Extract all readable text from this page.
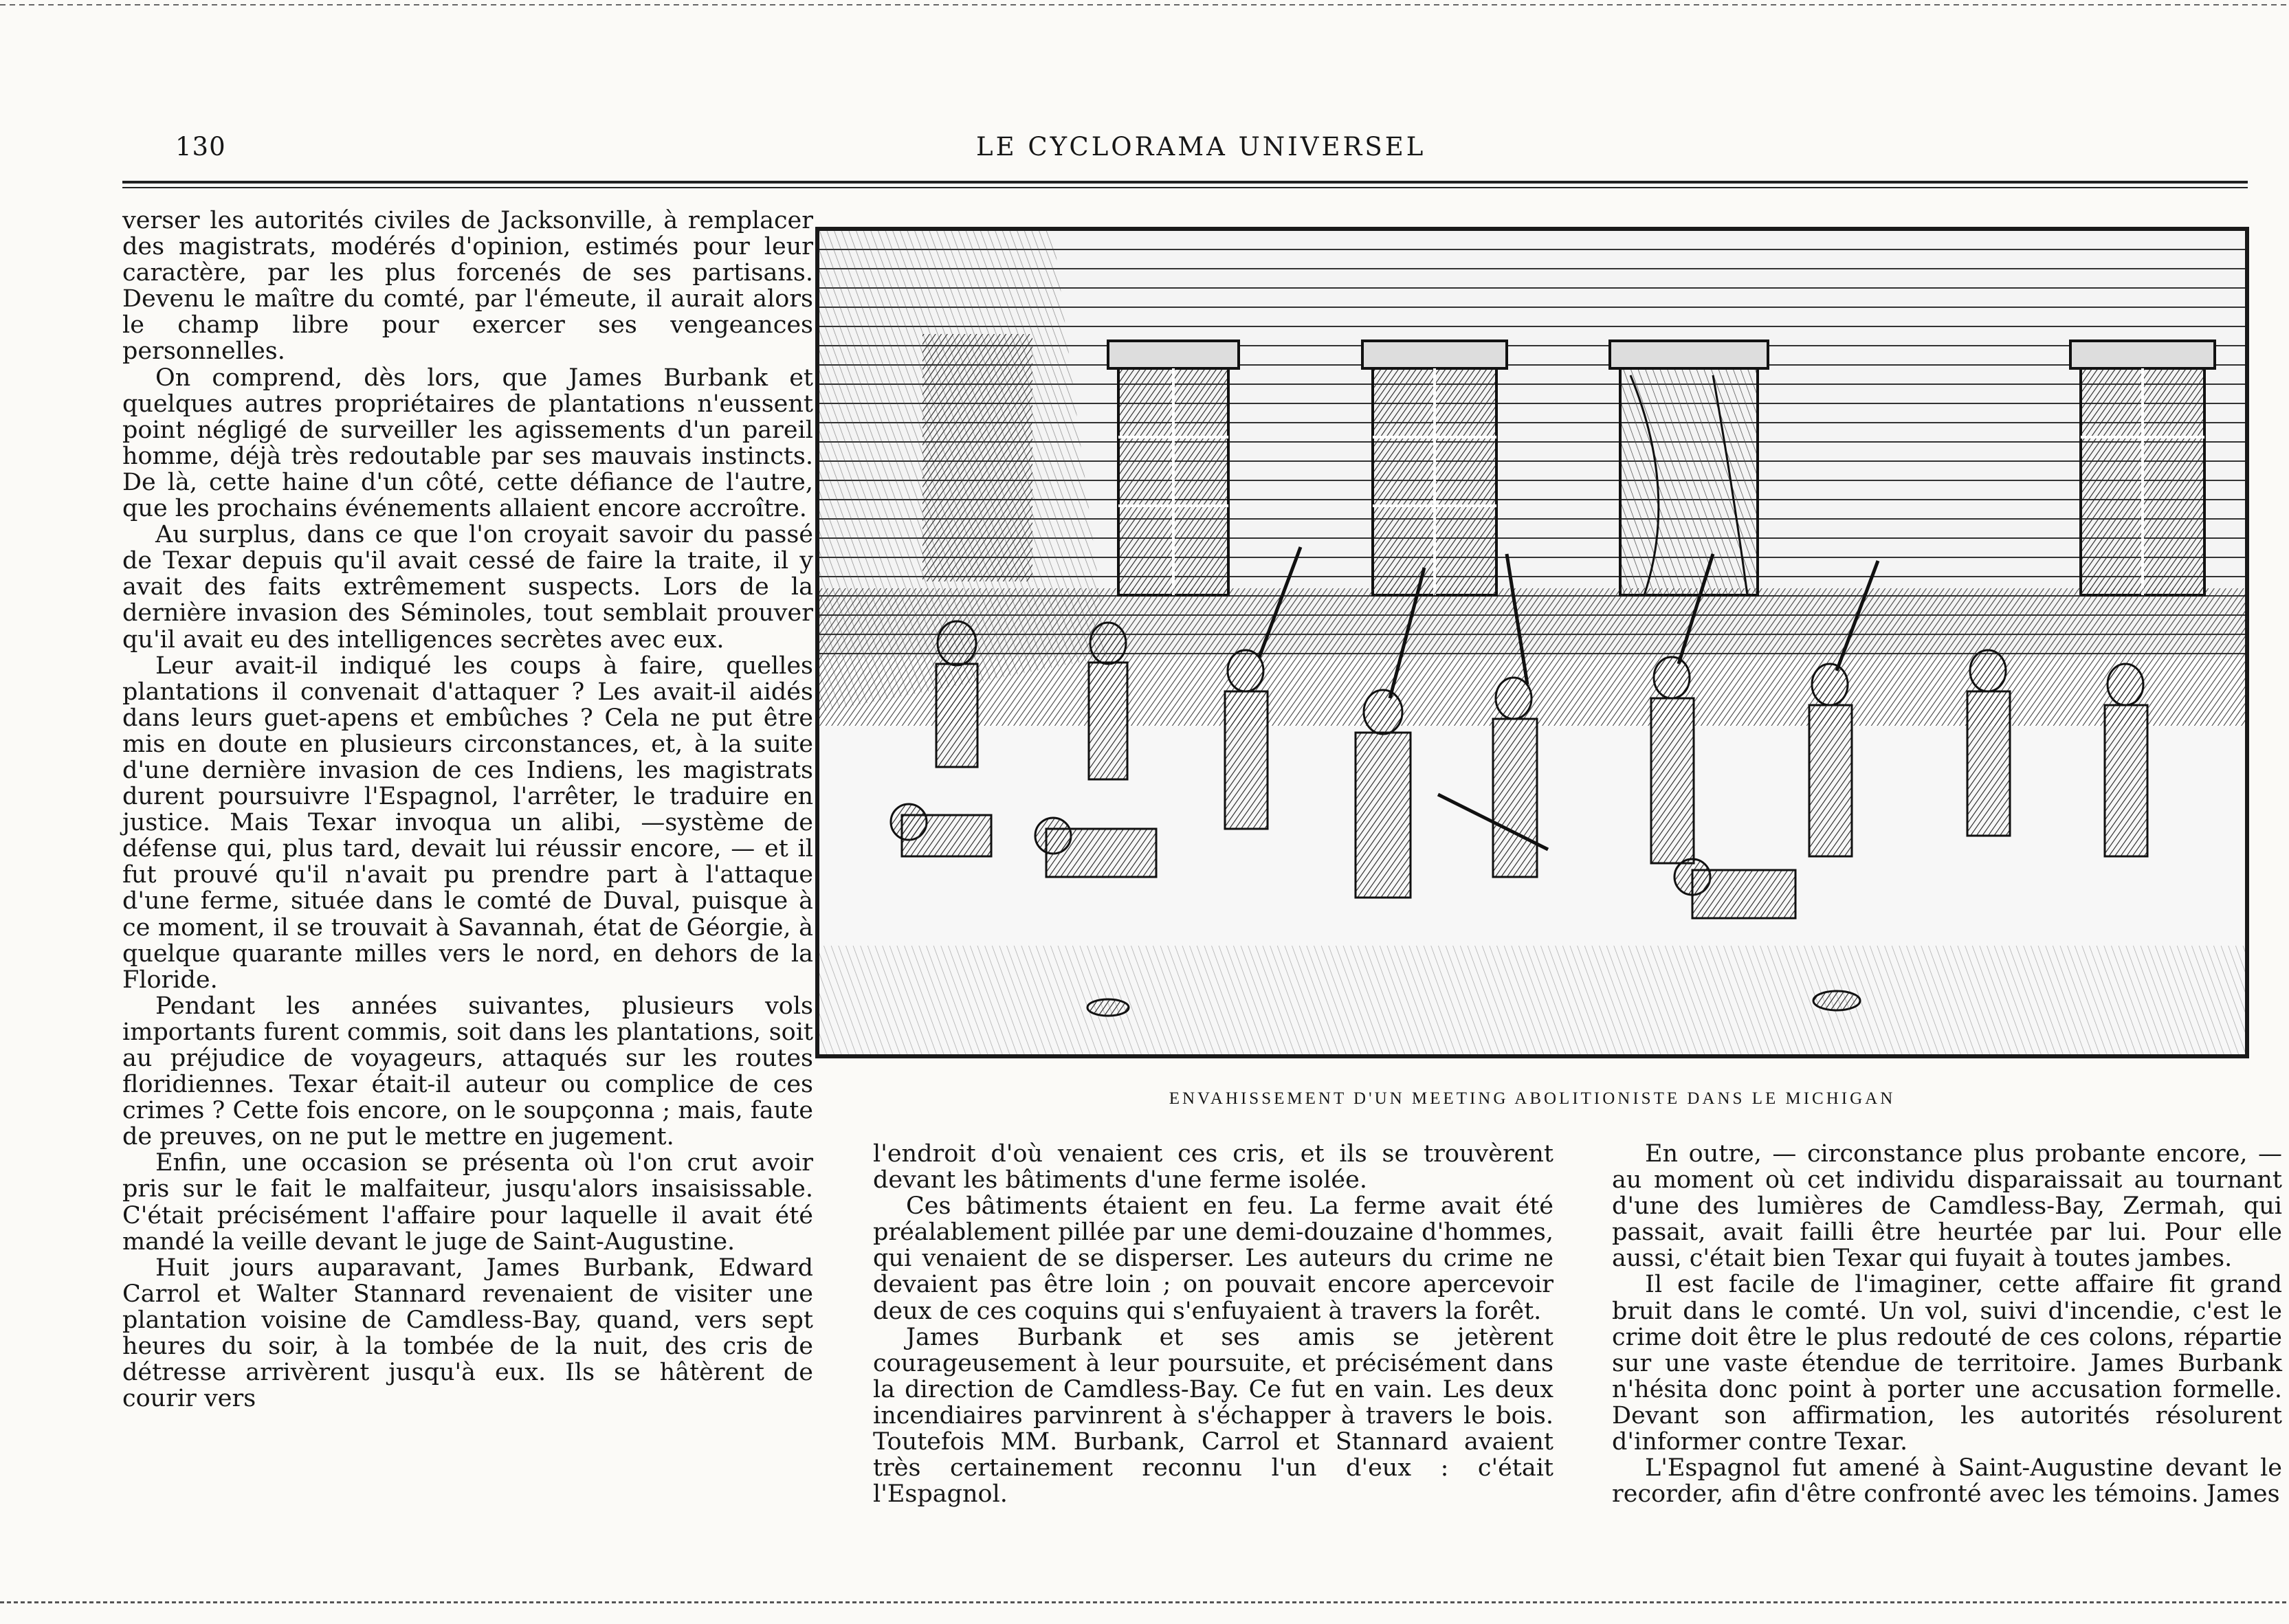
130	LE CYCLORAMA UNIVERSEL

verser les autorités civiles de Jacksonville, à remplacer des magistrats, modérés d'opinion, estimés pour leur caractère, par les plus forcenés de ses partisans. Devenu le maître du comté, par l'émeute, il aurait alors le champ libre pour exercer ses vengeances personnelles.

On comprend, dès lors, que James Burbank et quelques autres propriétaires de plantations n'eussent point négligé de surveiller les agissements d'un pareil homme, déjà très redoutable par ses mauvais instincts. De là, cette haine d'un côté, cette défiance de l'autre, que les prochains événements allaient encore accroître.

Au surplus, dans ce que l'on croyait savoir du passé de Texar depuis qu'il avait cessé de faire la traite, il y avait des faits extrêmement suspects. Lors de la dernière invasion des Séminoles, tout semblait prouver qu'il avait eu des intelligences secrètes avec eux.

Leur avait-il indiqué les coups à faire, quelles plantations il convenait d'attaquer ? Les avait-il aidés dans leurs guet-apens et embûches ? Cela ne put être mis en doute en plusieurs circonstances, et, à la suite d'une dernière invasion de ces Indiens, les magistrats durent poursuivre l'Espagnol, l'arrêter, le traduire en justice. Mais Texar invoqua un alibi, —système de défense qui, plus tard, devait lui réussir encore, — et il fut prouvé qu'il n'avait pu prendre part à l'attaque d'une ferme, située dans le comté de Duval, puisque à ce moment, il se trouvait à Savannah, état de Géorgie, à quelque quarante milles vers le nord, en dehors de la Floride.

Pendant les années suivantes, plusieurs vols importants furent commis, soit dans les plantations, soit au préjudice de voyageurs, attaqués sur les routes floridiennes. Texar était-il auteur ou complice de ces crimes ? Cette fois encore, on le soupçonna ; mais, faute de preuves, on ne put le mettre en jugement.

Enfin, une occasion se présenta où l'on crut avoir pris sur le fait le malfaiteur, jusqu'alors insaisissable. C'était précisément l'affaire pour laquelle il avait été mandé la veille devant le juge de Saint-Augustine.

Huit jours auparavant, James Burbank, Edward Carrol et Walter Stannard revenaient de visiter une plantation voisine de Camdless-Bay, quand, vers sept heures du soir, à la tombée de la nuit, des cris de détresse arrivèrent jusqu'à eux. Ils se hâtèrent de courir vers

ENVAHISSEMENT D'UN MEETING ABOLITIONISTE DANS LE MICHIGAN

l'endroit d'où venaient ces cris, et ils se trouvèrent devant les bâtiments d'une ferme isolée.

Ces bâtiments étaient en feu. La ferme avait été préalablement pillée par une demi-douzaine d'hommes, qui venaient de se disperser. Les auteurs du crime ne devaient pas être loin ; on pouvait encore apercevoir deux de ces coquins qui s'enfuyaient à travers la forêt.

James Burbank et ses amis se jetèrent courageusement à leur poursuite, et précisément dans la direction de Camdless-Bay. Ce fut en vain. Les deux incendiaires parvinrent à s'échapper à travers le bois. Toutefois MM. Burbank, Carrol et Stannard avaient très certainement reconnu l'un d'eux : c'était l'Espagnol.

En outre, — circonstance plus probante encore, —au moment où cet individu disparaissait au tournant d'une des lumières de Camdless-Bay, Zermah, qui passait, avait failli être heurtée par lui. Pour elle aussi, c'était bien Texar qui fuyait à toutes jambes.

Il est facile de l'imaginer, cette affaire fit grand bruit dans le comté. Un vol, suivi d'incendie, c'est le crime doit être le plus redouté de ces colons, répartie sur une vaste étendue de territoire. James Burbank n'hésita donc point à porter une accusation formelle. Devant son affirmation, les autorités résolurent d'informer contre Texar.

L'Espagnol fut amené à Saint-Augustine devant le recorder, afin d'être confronté avec les témoins. James
